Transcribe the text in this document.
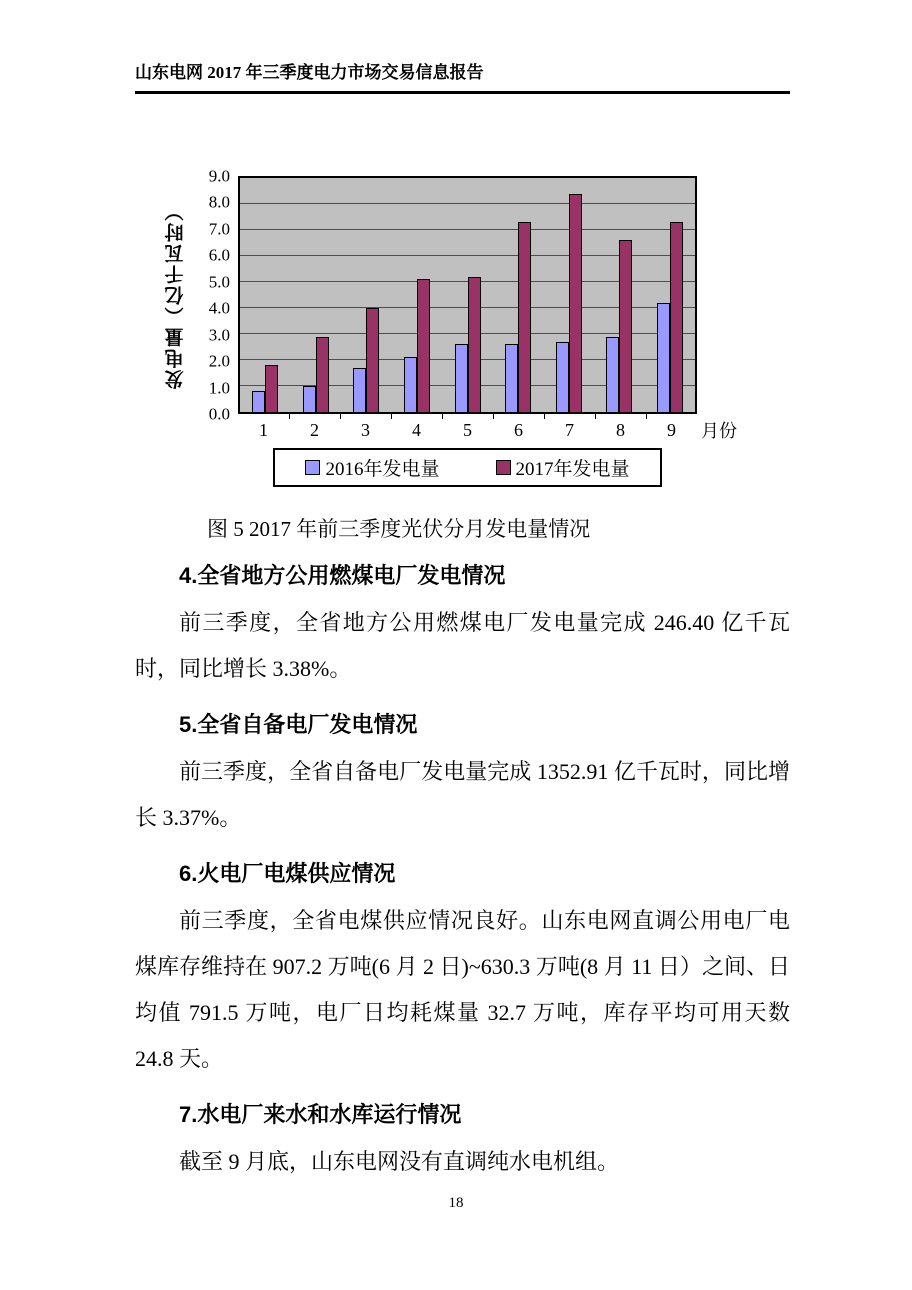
山东电网 2017 年三季度电力市场交易信息报告
发电量（亿千瓦时）
0.0
1.0
2.0
3.0
4.0
5.0
6.0
7.0
8.0
9.0
月份
1	2	3	4	5	6	7	8	9
2016年发电量	2017年发电量
图 5 2017 年前三季度光伏分月发电量情况
4.全省地方公用燃煤电厂发电情况
前三季度，全省地方公用燃煤电厂发电量完成 246.40 亿千瓦时，同比增长 3.38%。
5.全省自备电厂发电情况
前三季度，全省自备电厂发电量完成 1352.91 亿千瓦时，同比增长 3.37%。
6.火电厂电煤供应情况
前三季度，全省电煤供应情况良好。山东电网直调公用电厂电煤库存维持在 907.2 万吨(6 月 2 日)~630.3 万吨(8 月 11 日）之间、日均值 791.5 万吨，电厂日均耗煤量 32.7 万吨，库存平均可用天数 24.8 天。
7.水电厂来水和水库运行情况
截至 9 月底，山东电网没有直调纯水电机组。
18
